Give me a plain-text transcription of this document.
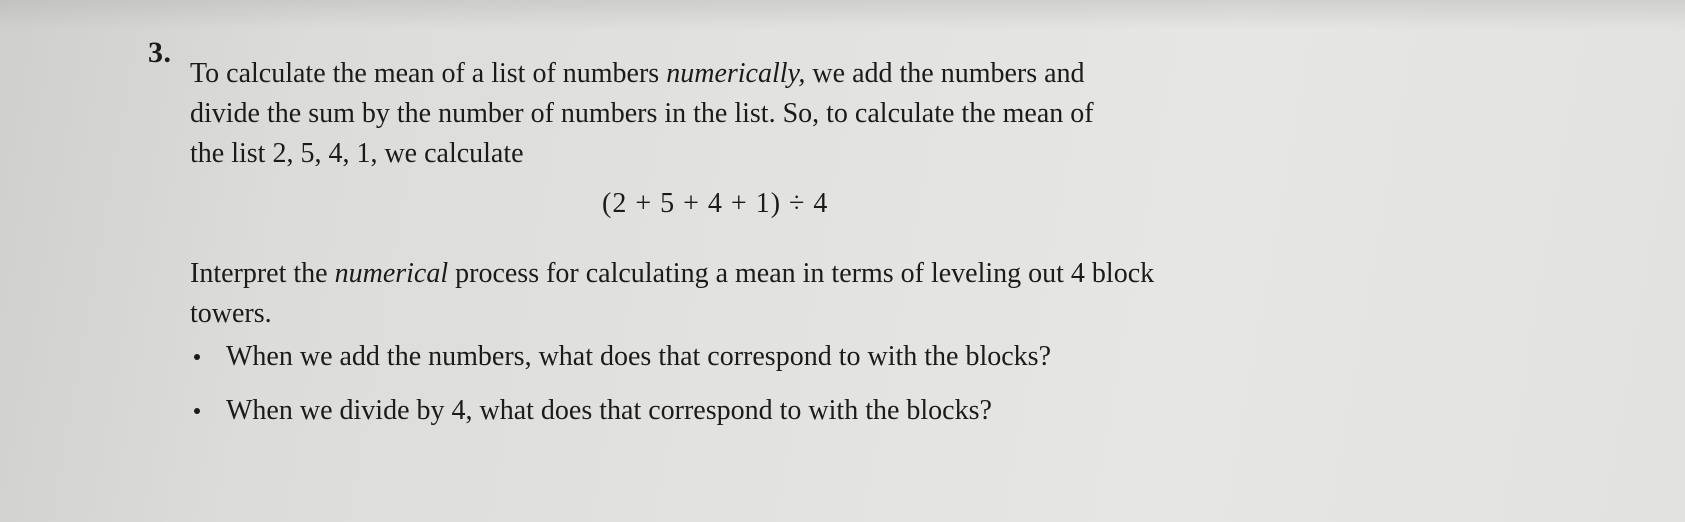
3.
To calculate the mean of a list of numbers numerically, we add the numbers and
divide the sum by the number of numbers in the list. So, to calculate the mean of
the list 2, 5, 4, 1, we calculate
(2 + 5 + 4 + 1) ÷ 4
Interpret the numerical process for calculating a mean in terms of leveling out 4 block
towers.
When we add the numbers, what does that correspond to with the blocks?
When we divide by 4, what does that correspond to with the blocks?
